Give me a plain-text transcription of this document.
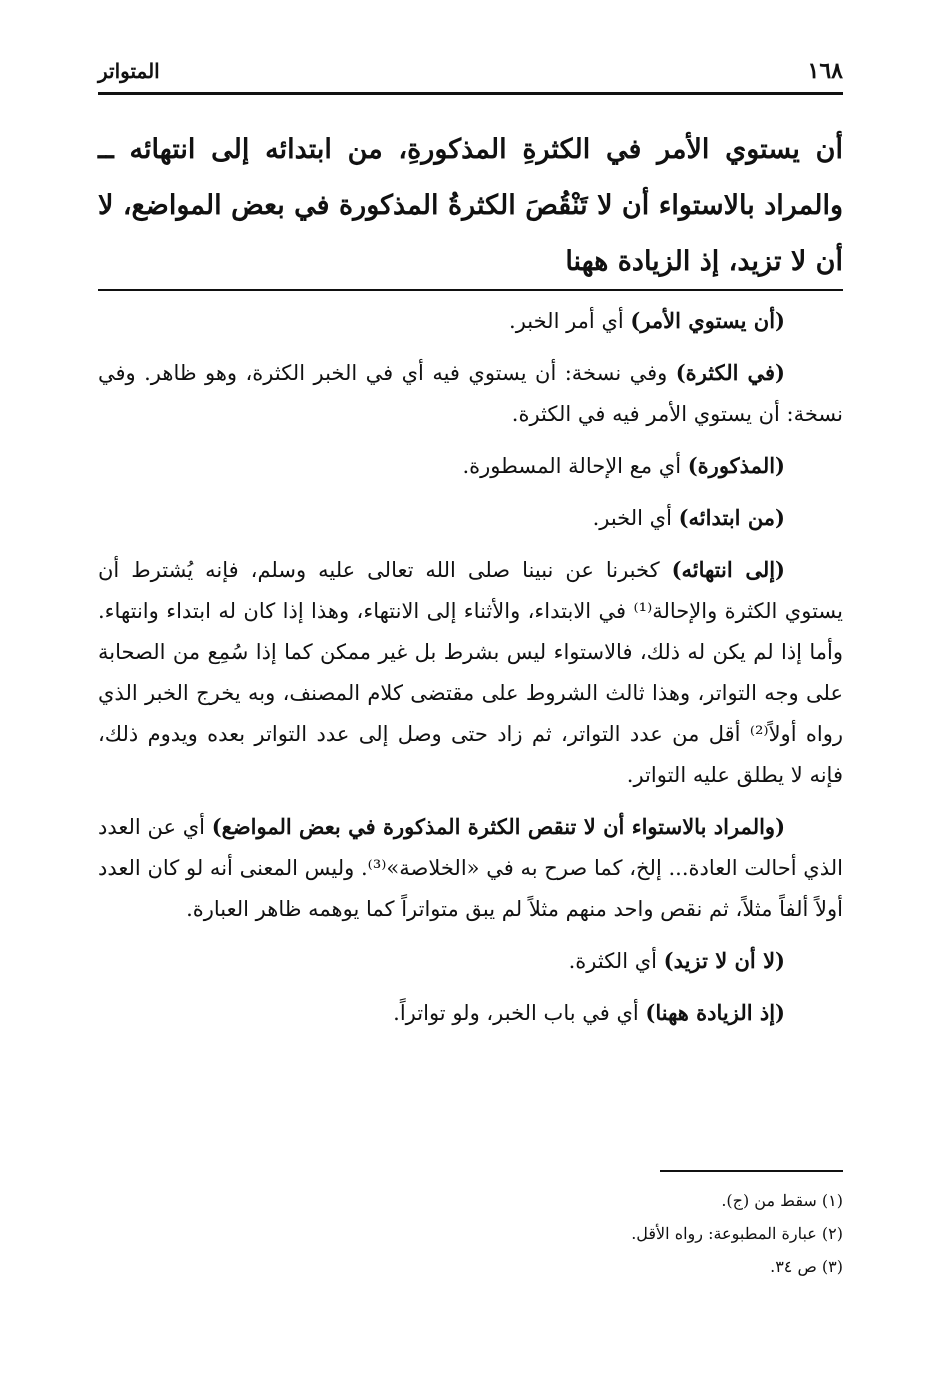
١٦٨
المتواتر
أن يستوي الأمر في الكثرةِ المذكورةِ، من ابتدائه إلى انتهائه ــ والمراد بالاستواء أن لا تَنْقُصَ الكثرةُ المذكورة في بعض المواضع، لا أن لا تزيد، إذ الزيادة ههنا

(أن يستوي الأمر) أي أمر الخبر.

(في الكثرة) وفي نسخة: أن يستوي فيه أي في الخبر الكثرة، وهو ظاهر. وفي نسخة: أن يستوي الأمر فيه في الكثرة.

(المذكورة) أي مع الإحالة المسطورة.

(من ابتدائه) أي الخبر.

(إلى انتهائه) كخبرنا عن نبينا صلى الله تعالى عليه وسلم، فإنه يُشترط أن يستوي الكثرة والإحالة⁽¹⁾ في الابتداء، والأثناء إلى الانتهاء، وهذا إذا كان له ابتداء وانتهاء. وأما إذا لم يكن له ذلك، فالاستواء ليس بشرط بل غير ممكن كما إذا سُمِع من الصحابة على وجه التواتر، وهذا ثالث الشروط على مقتضى كلام المصنف، وبه يخرج الخبر الذي رواه أولاً⁽²⁾ أقل من عدد التواتر، ثم زاد حتى وصل إلى عدد التواتر بعده ويدوم ذلك، فإنه لا يطلق عليه التواتر.

(والمراد بالاستواء أن لا تنقص الكثرة المذكورة في بعض المواضع) أي عن العدد الذي أحالت العادة... إلخ، كما صرح به في «الخلاصة»⁽³⁾. وليس المعنى أنه لو كان العدد أولاً ألفاً مثلاً، ثم نقص واحد منهم مثلاً لم يبق متواتراً كما يوهمه ظاهر العبارة.

(لا أن لا تزيد) أي الكثرة.

(إذ الزيادة ههنا) أي في باب الخبر، ولو تواتراً.

(١) سقط من (ج).

(٢) عبارة المطبوعة: رواه الأقل.

(٣) ص ٣٤.
